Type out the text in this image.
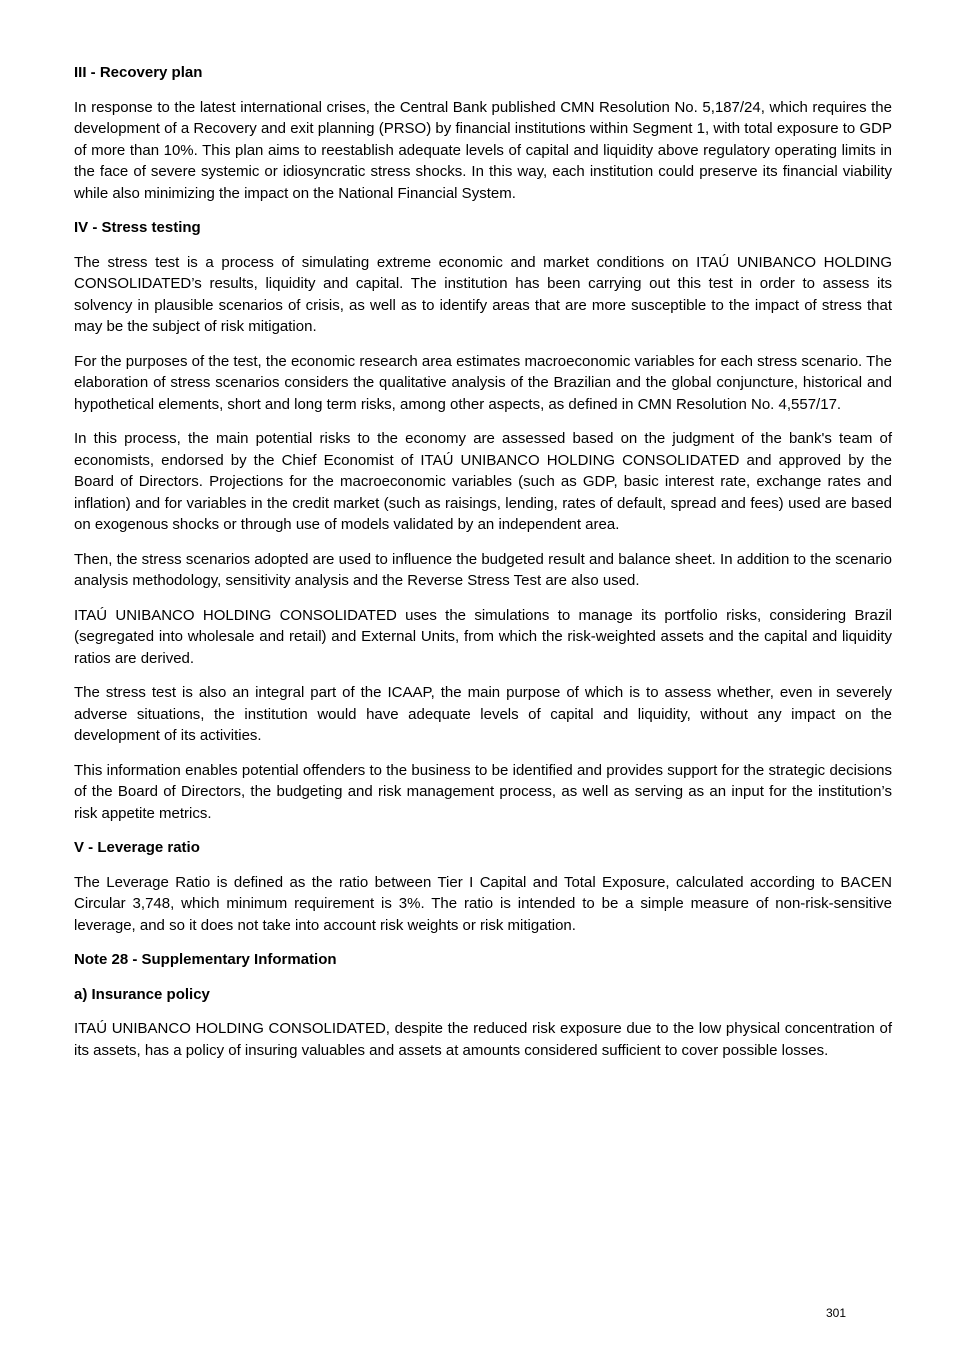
III - Recovery plan

In response to the latest international crises, the Central Bank published CMN Resolution No. 5,187/24, which requires the development of a Recovery and exit planning (PRSO) by financial institutions within Segment 1, with total exposure to GDP of more than 10%. This plan aims to reestablish adequate levels of capital and liquidity above regulatory operating limits in the face of severe systemic or idiosyncratic stress shocks. In this way, each institution could preserve its financial viability while also minimizing the impact on the National Financial System.

IV - Stress testing

The stress test is a process of simulating extreme economic and market conditions on ITAÚ UNIBANCO HOLDING CONSOLIDATED’s results, liquidity and capital. The institution has been carrying out this test in order to assess its solvency in plausible scenarios of crisis, as well as to identify areas that are more susceptible to the impact of stress that may be the subject of risk mitigation.

For the purposes of the test, the economic research area estimates macroeconomic variables for each stress scenario. The elaboration of stress scenarios considers the qualitative analysis of the Brazilian and the global conjuncture, historical and hypothetical elements, short and long term risks, among other aspects, as defined in CMN Resolution No. 4,557/17.

In this process, the main potential risks to the economy are assessed based on the judgment of the bank's team of economists, endorsed by the Chief Economist of ITAÚ UNIBANCO HOLDING CONSOLIDATED and approved by the Board of Directors. Projections for the macroeconomic variables (such as GDP, basic interest rate, exchange rates and inflation) and for variables in the credit market (such as raisings, lending, rates of default, spread and fees) used are based on exogenous shocks or through use of models validated by an independent area.

Then, the stress scenarios adopted are used to influence the budgeted result and balance sheet. In addition to the scenario analysis methodology, sensitivity analysis and the Reverse Stress Test are also used.

ITAÚ UNIBANCO HOLDING CONSOLIDATED uses the simulations to manage its portfolio risks, considering Brazil (segregated into wholesale and retail) and External Units, from which the risk-weighted assets and the capital and liquidity ratios are derived.

The stress test is also an integral part of the ICAAP, the main purpose of which is to assess whether, even in severely adverse situations, the institution would have adequate levels of capital and liquidity, without any impact on the development of its activities.

This information enables potential offenders to the business to be identified and provides support for the strategic decisions of the Board of Directors, the budgeting and risk management process, as well as serving as an input for the institution’s risk appetite metrics.

V - Leverage ratio

The Leverage Ratio is defined as the ratio between Tier I Capital and Total Exposure, calculated according to BACEN Circular 3,748, which minimum requirement is 3%. The ratio is intended to be a simple measure of non-risk-sensitive leverage, and so it does not take into account risk weights or risk mitigation.

Note 28 - Supplementary Information
a) Insurance policy

ITAÚ UNIBANCO HOLDING CONSOLIDATED, despite the reduced risk exposure due to the low physical concentration of its assets, has a policy of insuring valuables and assets at amounts considered sufficient to cover possible losses.

301
